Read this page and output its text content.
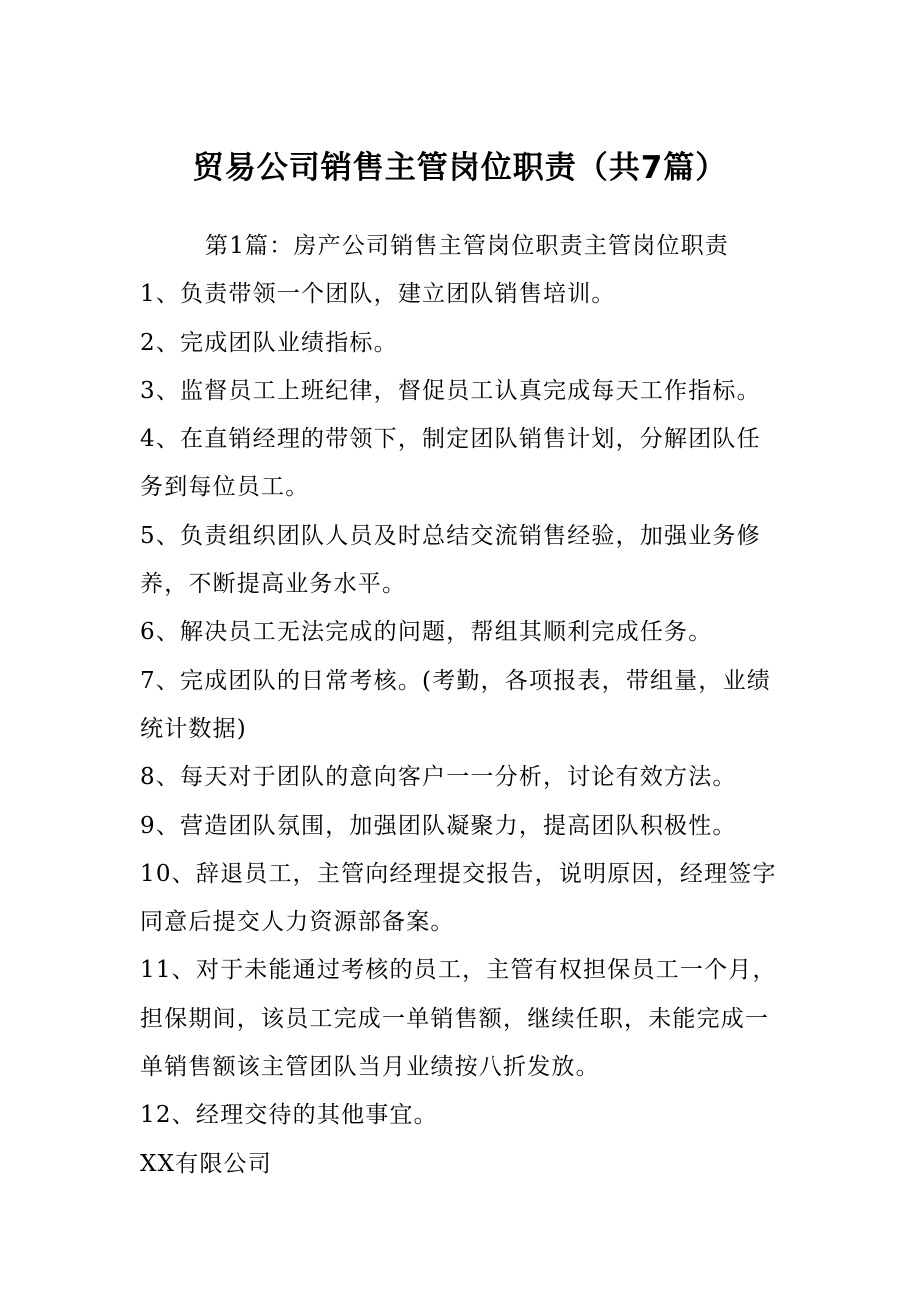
贸易公司销售主管岗位职责（共7篇）

第1篇：房产公司销售主管岗位职责主管岗位职责

1、负责带领一个团队，建立团队销售培训。

2、完成团队业绩指标。

3、监督员工上班纪律，督促员工认真完成每天工作指标。

4、在直销经理的带领下，制定团队销售计划，分解团队任务到每位员工。

5、负责组织团队人员及时总结交流销售经验，加强业务修养，不断提高业务水平。

6、解决员工无法完成的问题，帮组其顺利完成任务。

7、完成团队的日常考核。(考勤，各项报表，带组量，业绩统计数据)

8、每天对于团队的意向客户一一分析，讨论有效方法。

9、营造团队氛围，加强团队凝聚力，提高团队积极性。

10、辞退员工，主管向经理提交报告，说明原因，经理签字同意后提交人力资源部备案。

11、对于未能通过考核的员工，主管有权担保员工一个月，担保期间，该员工完成一单销售额，继续任职，未能完成一单销售额该主管团队当月业绩按八折发放。

12、经理交待的其他事宜。

XX有限公司
